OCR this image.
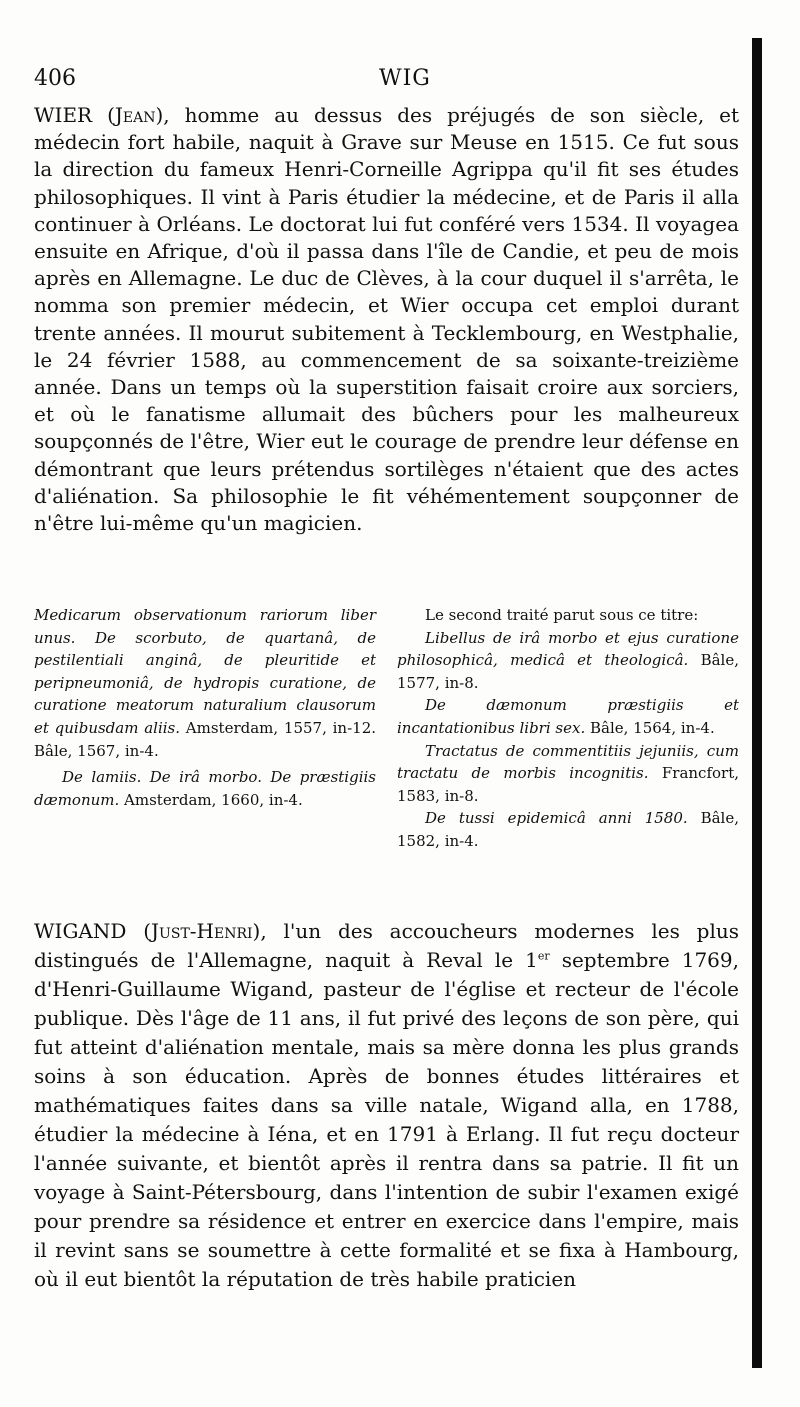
406	WIG
WIER (Jean), homme au dessus des préjugés de son siècle, et médecin fort habile, naquit à Grave sur Meuse en 1515. Ce fut sous la direction du fameux Henri-Corneille Agrippa qu'il fit ses études philosophiques. Il vint à Paris étudier la médecine, et de Paris il alla continuer à Orléans. Le doctorat lui fut conféré vers 1534. Il voyagea ensuite en Afrique, d'où il passa dans l'île de Candie, et peu de mois après en Allemagne. Le duc de Clèves, à la cour duquel il s'arrêta, le nomma son premier médecin, et Wier occupa cet emploi durant trente années. Il mourut subitement à Tecklembourg, en Westphalie, le 24 février 1588, au commencement de sa soixante-treizième année. Dans un temps où la superstition faisait croire aux sorciers, et où le fanatisme allumait des bûchers pour les malheureux soupçonnés de l'être, Wier eut le courage de prendre leur défense en démontrant que leurs prétendus sortilèges n'étaient que des actes d'aliénation. Sa philosophie le fit véhémentement soupçonner de n'être lui-même qu'un magicien.

Medicarum observationum rariorum liber unus. De scorbuto, de quartanâ, de pestilentiali anginâ, de pleuritide et peripneumoniâ, de hydropis curatione, de curatione meatorum naturalium clausorum et quibusdam aliis. Amsterdam, 1557, in-12. Bâle, 1567, in-4.

De lamiis. De irâ morbo. De præstigiis dæmonum. Amsterdam, 1660, in-4.

Le second traité parut sous ce titre:

Libellus de irâ morbo et ejus curatione philosophicâ, medicâ et theologicâ. Bâle, 1577, in-8.

De dæmonum præstigiis et incantationibus libri sex. Bâle, 1564, in-4.

Tractatus de commentitiis jejuniis, cum tractatu de morbis incognitis. Francfort, 1583, in-8.

De tussi epidemicâ anni 1580. Bâle, 1582, in-4.

WIGAND (Just-Henri), l'un des accoucheurs modernes les plus distingués de l'Allemagne, naquit à Reval le 1er septembre 1769, d'Henri-Guillaume Wigand, pasteur de l'église et recteur de l'école publique. Dès l'âge de 11 ans, il fut privé des leçons de son père, qui fut atteint d'aliénation mentale, mais sa mère donna les plus grands soins à son éducation. Après de bonnes études littéraires et mathématiques faites dans sa ville natale, Wigand alla, en 1788, étudier la médecine à Iéna, et en 1791 à Erlang. Il fut reçu docteur l'année suivante, et bientôt après il rentra dans sa patrie. Il fit un voyage à Saint-Pétersbourg, dans l'intention de subir l'examen exigé pour prendre sa résidence et entrer en exercice dans l'empire, mais il revint sans se soumettre à cette formalité et se fixa à Hambourg, où il eut bientôt la réputation de très habile praticien
